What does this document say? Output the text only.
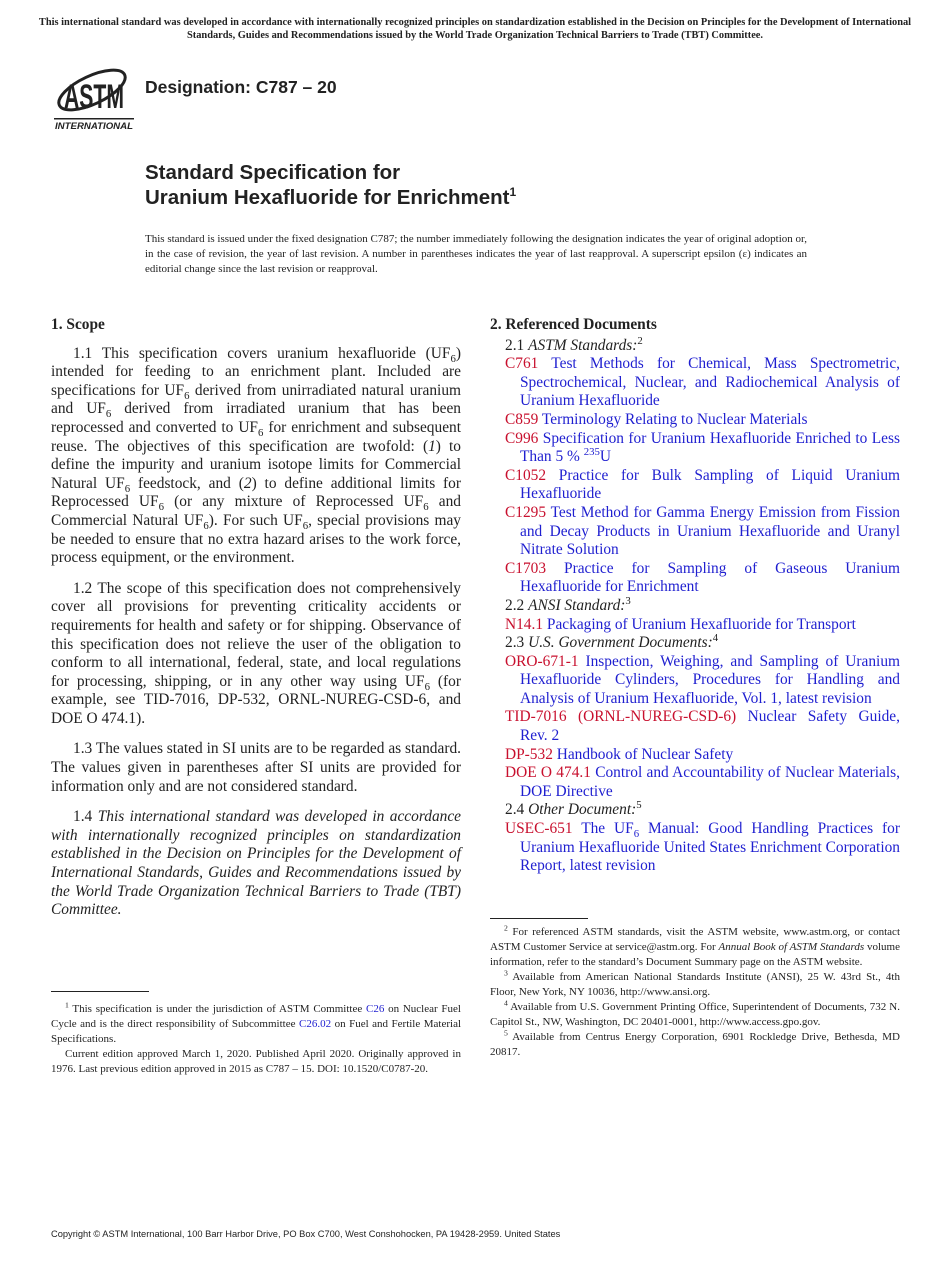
This international standard was developed in accordance with internationally recognized principles on standardization established in the Decision on Principles for the Development of International Standards, Guides and Recommendations issued by the World Trade Organization Technical Barriers to Trade (TBT) Committee.
ASTM
INTERNATIONAL
Designation: C787 – 20
Standard Specification for
Uranium Hexafluoride for Enrichment$^1$
This standard is issued under the fixed designation C787; the number immediately following the designation indicates the year of original adoption or, in the case of revision, the year of last revision. A number in parentheses indicates the year of last reapproval. A superscript epsilon (ε) indicates an editorial change since the last revision or reapproval.
1. Scope
1.1 This specification covers uranium hexafluoride $(UF_6)$ intended for feeding to an enrichment plant. Included are specifications for $UF_6$ derived from unirradiated natural uranium and $UF_6$ derived from irradiated uranium that has been reprocessed and converted to $UF_6$ for enrichment and subsequent reuse. The objectives of this specification are twofold: (1) to define the impurity and uranium isotope limits for Commercial Natural $UF_6$ feedstock, and (2) to define additional limits for Reprocessed $UF_6$ (or any mixture of Reprocessed $UF_6$ and Commercial Natural $UF_6$). For such $UF_6$, special provisions may be needed to ensure that no extra hazard arises to the work force, process equipment, or the environment.
1.2 The scope of this specification does not comprehensively cover all provisions for preventing criticality accidents or requirements for health and safety or for shipping. Observance of this specification does not relieve the user of the obligation to conform to all international, federal, state, and local regulations for processing, shipping, or in any other way using $UF_6$ (for example, see TID-7016, DP-532, ORNL-NUREG-CSD-6, and DOE O 474.1).
1.3 The values stated in SI units are to be regarded as standard. The values given in parentheses after SI units are provided for information only and are not considered standard.
1.4 This international standard was developed in accordance with internationally recognized principles on standardization established in the Decision on Principles for the Development of International Standards, Guides and Recommendations issued by the World Trade Organization Technical Barriers to Trade (TBT) Committee.
2. Referenced Documents
2.1 ASTM Standards:$^2$
C761 Test Methods for Chemical, Mass Spectrometric, Spectrochemical, Nuclear, and Radiochemical Analysis of Uranium Hexafluoride
C859 Terminology Relating to Nuclear Materials
C996 Specification for Uranium Hexafluoride Enriched to Less Than 5 % $^{235}$U
C1052 Practice for Bulk Sampling of Liquid Uranium Hexafluoride
C1295 Test Method for Gamma Energy Emission from Fission and Decay Products in Uranium Hexafluoride and Uranyl Nitrate Solution
C1703 Practice for Sampling of Gaseous Uranium Hexafluoride for Enrichment
2.2 ANSI Standard:$^3$
N14.1 Packaging of Uranium Hexafluoride for Transport
2.3 U.S. Government Documents:$^4$
ORO-671-1 Inspection, Weighing, and Sampling of Uranium Hexafluoride Cylinders, Procedures for Handling and Analysis of Uranium Hexafluoride, Vol. 1, latest revision
TID-7016 (ORNL-NUREG-CSD-6) Nuclear Safety Guide, Rev. 2
DP-532 Handbook of Nuclear Safety
DOE O 474.1 Control and Accountability of Nuclear Materials, DOE Directive
2.4 Other Document:$^5$
USEC-651 The $UF_6$ Manual: Good Handling Practices for Uranium Hexafluoride United States Enrichment Corporation Report, latest revision

$^1$ This specification is under the jurisdiction of ASTM Committee C26 on Nuclear Fuel Cycle and is the direct responsibility of Subcommittee C26.02 on Fuel and Fertile Material Specifications.

Current edition approved March 1, 2020. Published April 2020. Originally approved in 1976. Last previous edition approved in 2015 as C787 – 15. DOI: 10.1520/C0787-20.

$^2$ For referenced ASTM standards, visit the ASTM website, www.astm.org, or contact ASTM Customer Service at service@astm.org. For Annual Book of ASTM Standards volume information, refer to the standard’s Document Summary page on the ASTM website.

$^3$ Available from American National Standards Institute (ANSI), 25 W. 43rd St., 4th Floor, New York, NY 10036, http://www.ansi.org.

$^4$ Available from U.S. Government Printing Office, Superintendent of Documents, 732 N. Capitol St., NW, Washington, DC 20401-0001, http://www.access.gpo.gov.

$^5$ Available from Centrus Energy Corporation, 6901 Rockledge Drive, Bethesda, MD 20817.

Copyright © ASTM International, 100 Barr Harbor Drive, PO Box C700, West Conshohocken, PA 19428-2959. United States
